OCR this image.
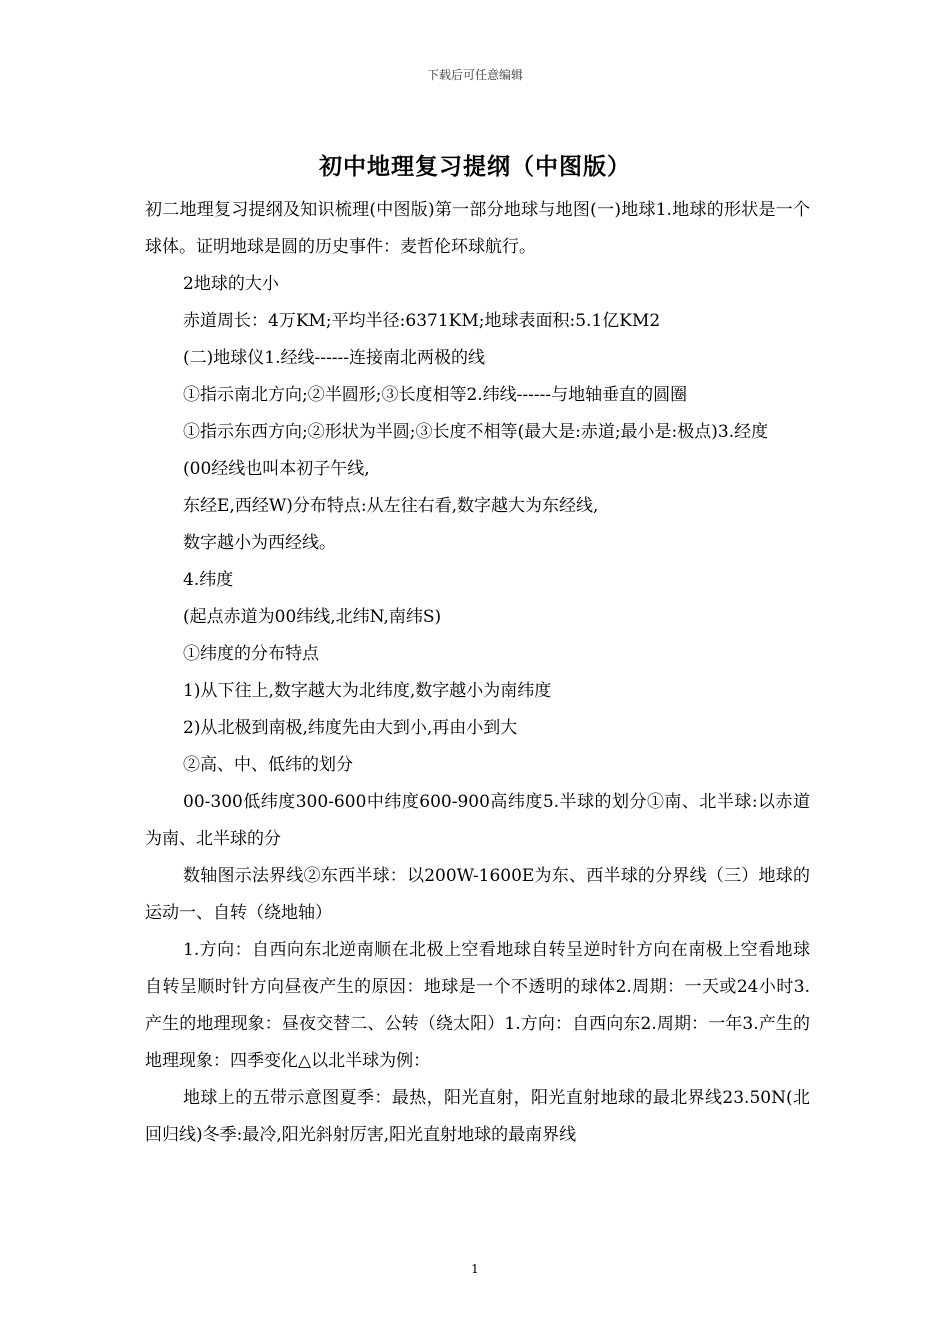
下载后可任意编辑
初中地理复习提纲（中图版）

初二地理复习提纲及知识梳理(中图版)第一部分地球与地图(一)地球1.地球的形状是一个球体。证明地球是圆的历史事件：麦哲伦环球航行。

2地球的大小

赤道周长：4万KM;平均半径:6371KM;地球表面积:5.1亿KM2

(二)地球仪1.经线------连接南北两极的线

①指示南北方向;②半圆形;③长度相等2.纬线------与地轴垂直的圆圈

①指示东西方向;②形状为半圆;③长度不相等(最大是:赤道;最小是:极点)3.经度

(00经线也叫本初子午线,

东经E,西经W)分布特点:从左往右看,数字越大为东经线,

数字越小为西经线。

4.纬度

(起点赤道为00纬线,北纬N,南纬S)

①纬度的分布特点

1)从下往上,数字越大为北纬度,数字越小为南纬度

2)从北极到南极,纬度先由大到小,再由小到大

②高、中、低纬的划分

00-300低纬度300-600中纬度600-900高纬度5.半球的划分①南、北半球:以赤道为南、北半球的分

数轴图示法界线②东西半球：以200W-1600E为东、西半球的分界线（三）地球的运动一、自转（绕地轴）

1.方向：自西向东北逆南顺在北极上空看地球自转呈逆时针方向在南极上空看地球自转呈顺时针方向昼夜产生的原因：地球是一个不透明的球体2.周期：一天或24小时3.产生的地理现象：昼夜交替二、公转（绕太阳）1.方向：自西向东2.周期：一年3.产生的地理现象：四季变化△以北半球为例：

地球上的五带示意图夏季：最热，阳光直射，阳光直射地球的最北界线23.50N(北回归线)冬季:最冷,阳光斜射厉害,阳光直射地球的最南界线

1
